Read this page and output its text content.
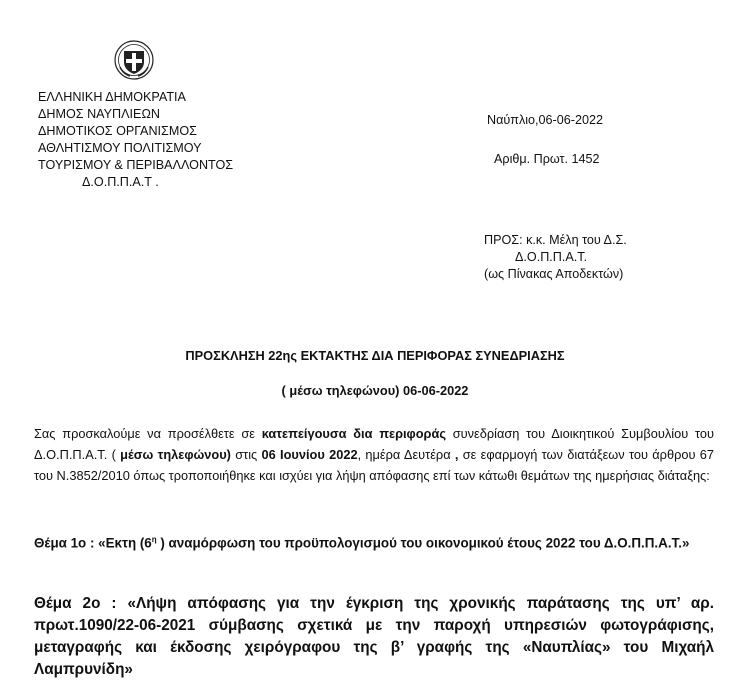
ΕΛΛΗΝΙΚΗ ΔΗΜΟΚΡΑΤΙΑ
ΔΗΜΟΣ ΝΑΥΠΛΙΕΩΝ
ΔΗΜΟΤΙΚΟΣ ΟΡΓΑΝΙΣΜΟΣ
ΑΘΛΗΤΙΣΜΟΥ ΠΟΛΙΤΙΣΜΟΥ
ΤΟΥΡΙΣΜΟΥ & ΠΕΡΙΒΑΛΛΟΝΤΟΣ
Δ.Ο.Π.Π.Α.Τ .
Ναύπλιο,06-06-2022
Αριθμ. Πρωτ. 1452
ΠΡΟΣ: κ.κ. Μέλη του Δ.Σ.
Δ.Ο.Π.Π.Α.Τ.
(ως Πίνακας Αποδεκτών)
ΠΡΟΣΚΛΗΣΗ 22ης ΕΚΤΑΚΤΗΣ ΔΙΑ ΠΕΡΙΦΟΡΑΣ ΣΥΝΕΔΡΙΑΣΗΣ
( μέσω τηλεφώνου) 06-06-2022
Σας προσκαλούμε να προσέλθετε σε κατεπείγουσα δια περιφοράς συνεδρίαση του Διοικητικού Συμβουλίου του Δ.Ο.Π.Π.Α.Τ. ( μέσω τηλεφώνου) στις 06 Ιουνίου 2022, ημέρα Δευτέρα , σε εφαρμογή των διατάξεων του άρθρου 67 του Ν.3852/2010 όπως τροποποιήθηκε και ισχύει για λήψη απόφασης επί των κάτωθι θεμάτων της ημερήσιας διάταξης:
Θέμα 1ο : «Εκτη ($6^\eta$ ) αναμόρφωση του προϋπολογισμού του οικονομικού έτους 2022 του Δ.Ο.Π.Π.Α.Τ.»
Θέμα 2ο : «Λήψη απόφασης για την έγκριση της χρονικής παράτασης της υπ’ αρ. πρωτ.1090/22-06-2021 σύμβασης σχετικά με την παροχή υπηρεσιών φωτογράφισης, μεταγραφής και έκδοσης χειρόγραφου της β’ γραφής της «Ναυπλίας» του Μιχαήλ Λαμπρυνίδη»
